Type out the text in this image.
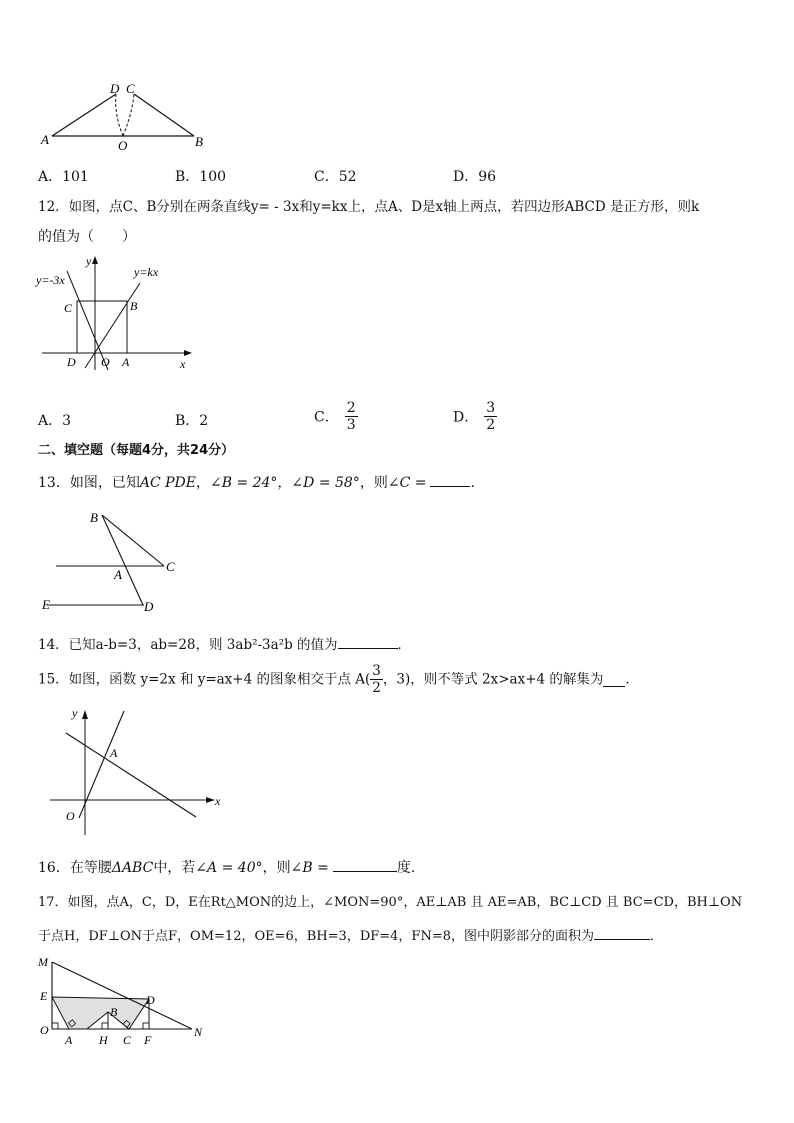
D C
A	O	B
A．101	B．100	C．52	D．96
12．如图，点C、B分别在两条直线y= - 3x和y=kx上，点A、D是x轴上两点，若四边形ABCD 是正方形，则k
的值为（　　）
y=-3x
y=kx
y
x
C	B
D O A
A．3	B．2	C． $\frac{2}{3}$	D． $\frac{3}{2}$
二、填空题（每题4分，共24分）
13．如图，已知AC PDE，∠B = 24°，∠D = 58°，则∠C =	．
B
C
A
E	D
14．已知a-b=3，ab=28，则 3ab²-3a²b 的值为	．
15．如图，函数 y=2x 和 y=ax+4 的图象相交于点 $A( \frac{3}{2}$ ，3)，则不等式 2x>ax+4 的解集为 .
y
x
A
O
16．在等腰ΔABC中，若∠A = 40°，则∠B =	度.
17．如图，点A，C，D，E在Rt△MON的边上，∠MON=90°，AE⊥AB 且 AE=AB，BC⊥CD 且 BC=CD，BH⊥ON
于点H，DF⊥ON于点F，OM=12，OE=6，BH=3，DF=4，FN=8，图中阴影部分的面积为	．
M
E	D
B
O
A H C F
N
